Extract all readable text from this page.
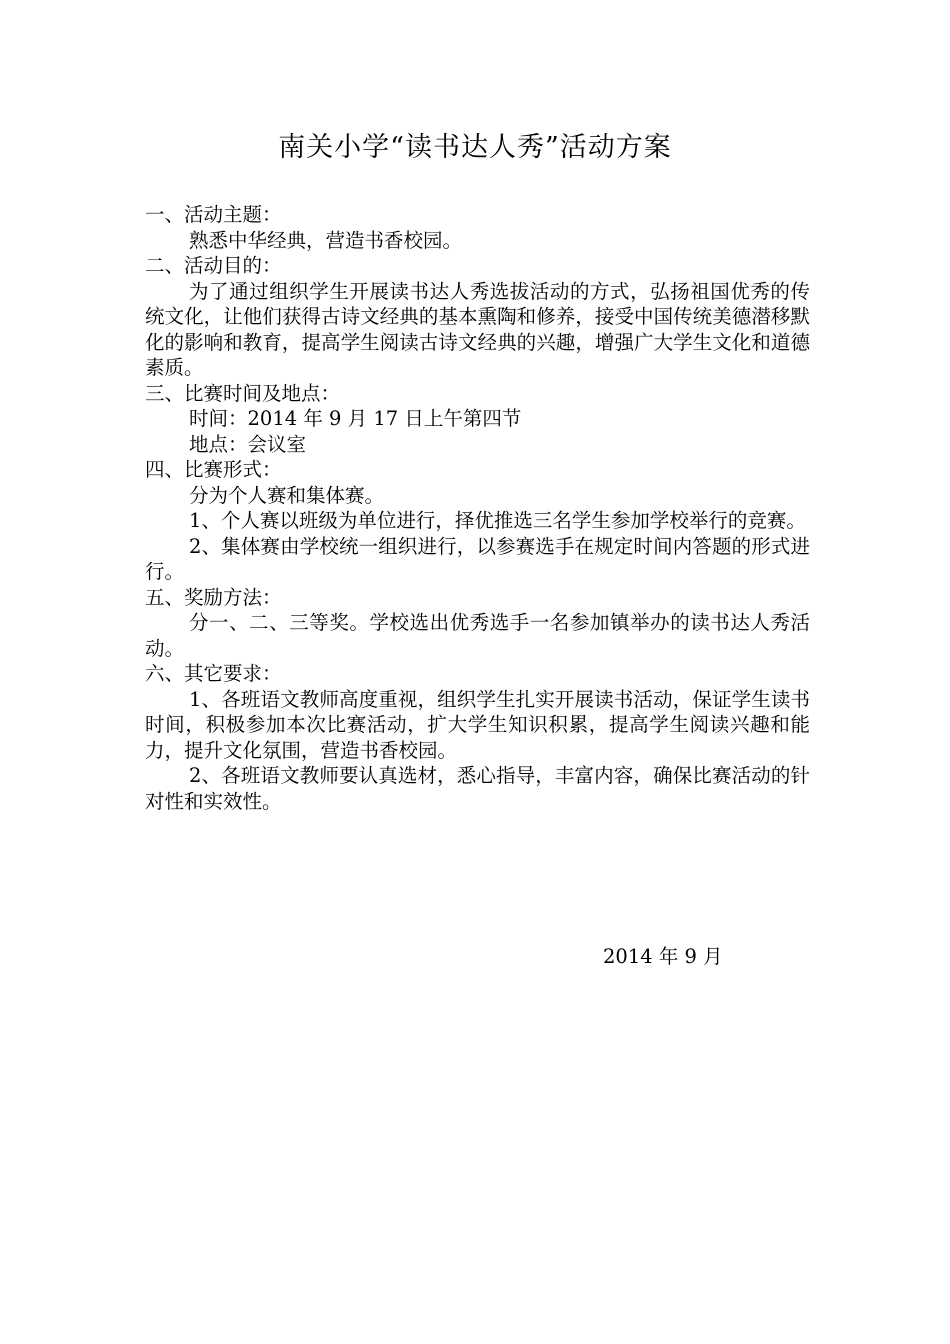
南关小学“读书达人秀”活动方案

一、活动主题：

熟悉中华经典，营造书香校园。

二、活动目的：

为了通过组织学生开展读书达人秀选拔活动的方式，弘扬祖国优秀的传统文化，让他们获得古诗文经典的基本熏陶和修养，接受中国传统美德潜移默化的影响和教育，提高学生阅读古诗文经典的兴趣，增强广大学生文化和道德素质。

三、比赛时间及地点：

时间：2014 年 9 月 17 日上午第四节

地点：会议室

四、比赛形式：

分为个人赛和集体赛。

1、个人赛以班级为单位进行，择优推选三名学生参加学校举行的竞赛。

2、集体赛由学校统一组织进行，以参赛选手在规定时间内答题的形式进行。

五、奖励方法：

分一、二、三等奖。学校选出优秀选手一名参加镇举办的读书达人秀活动。

六、其它要求：

1、各班语文教师高度重视，组织学生扎实开展读书活动，保证学生读书时间，积极参加本次比赛活动，扩大学生知识积累，提高学生阅读兴趣和能力，提升文化氛围，营造书香校园。

2、各班语文教师要认真选材，悉心指导，丰富内容，确保比赛活动的针对性和实效性。

2014 年 9 月
